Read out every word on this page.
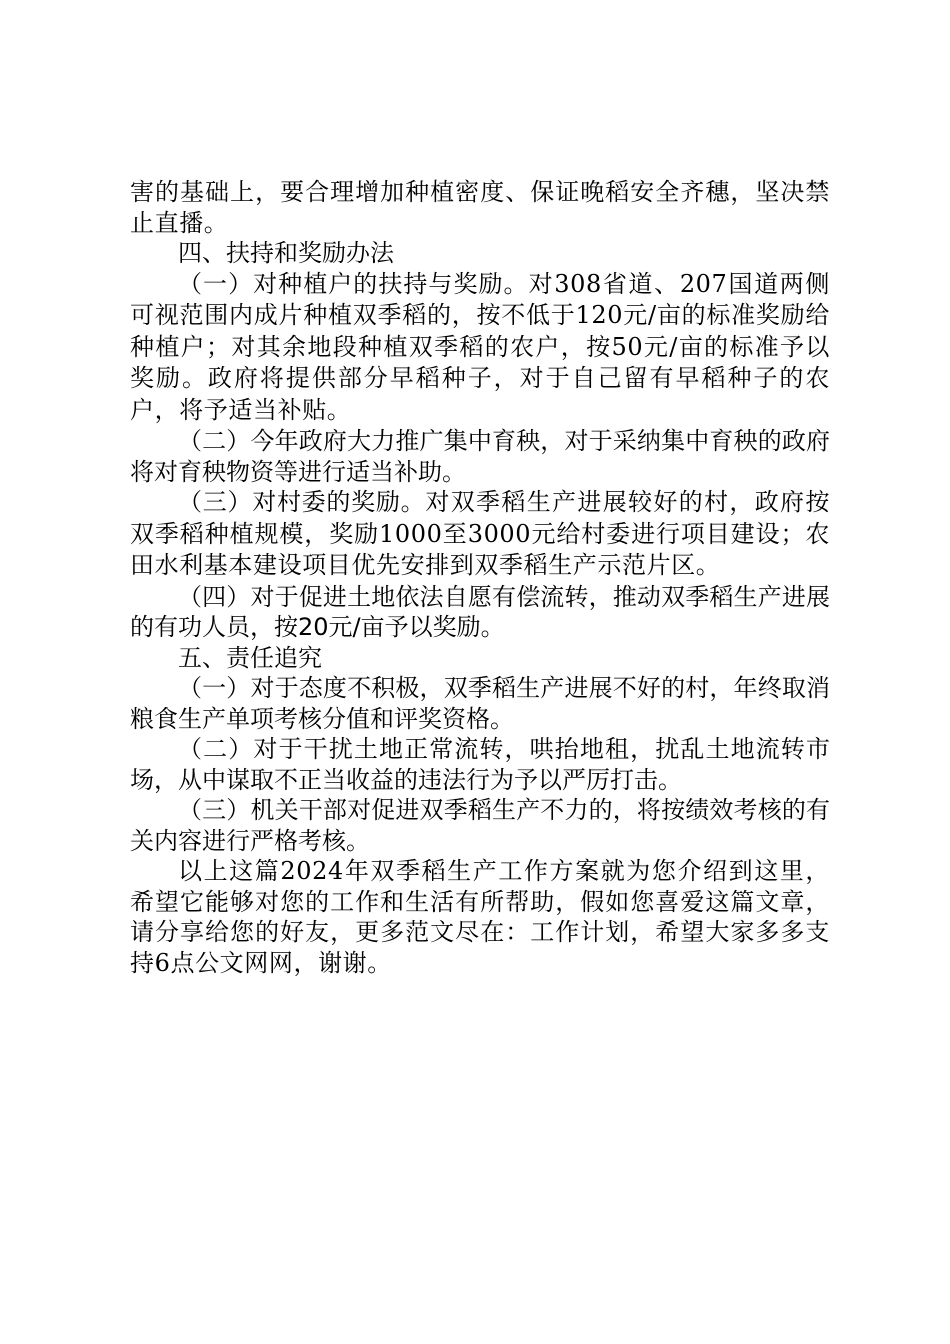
害的基础上，要合理增加种植密度、保证晚稻安全齐穗，坚决禁止直播。

四、扶持和奖励办法

（一）对种植户的扶持与奖励。对308省道、207国道两侧可视范围内成片种植双季稻的，按不低于120元/亩的标准奖励给种植户；对其余地段种植双季稻的农户，按50元/亩的标准予以奖励。政府将提供部分早稻种子，对于自己留有早稻种子的农户，将予适当补贴。

（二）今年政府大力推广集中育秧，对于采纳集中育秧的政府将对育秧物资等进行适当补助。

（三）对村委的奖励。对双季稻生产进展较好的村，政府按双季稻种植规模，奖励1000至3000元给村委进行项目建设；农田水利基本建设项目优先安排到双季稻生产示范片区。

（四）对于促进土地依法自愿有偿流转，推动双季稻生产进展的有功人员，按20元/亩予以奖励。

五、责任追究

（一）对于态度不积极，双季稻生产进展不好的村，年终取消粮食生产单项考核分值和评奖资格。

（二）对于干扰土地正常流转，哄抬地租，扰乱土地流转市场，从中谋取不正当收益的违法行为予以严厉打击。

（三）机关干部对促进双季稻生产不力的，将按绩效考核的有关内容进行严格考核。

以上这篇2024年双季稻生产工作方案就为您介绍到这里，希望它能够对您的工作和生活有所帮助，假如您喜爱这篇文章，请分享给您的好友，更多范文尽在：工作计划，希望大家多多支持6点公文网网，谢谢。
